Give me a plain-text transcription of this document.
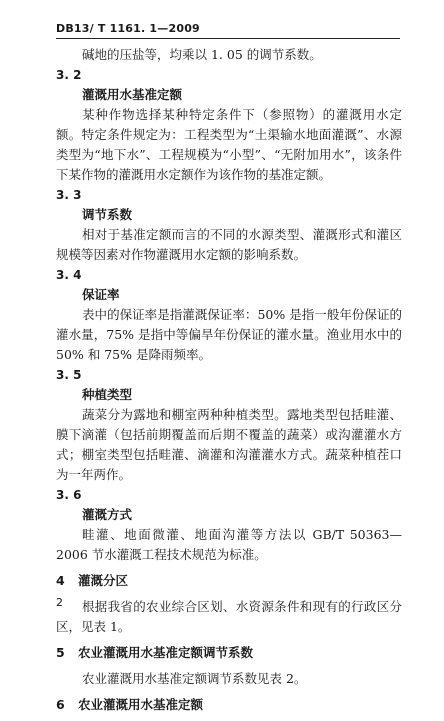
DB13/ T 1161. 1—2009

碱地的压盐等，均乘以 1. 05 的调节系数。

3. 2

灌溉用水基准定额

某种作物选择某种特定条件下（参照物）的灌溉用水定额。特定条件规定为：工程类型为“土渠输水地面灌溉”、水源类型为“地下水”、工程规模为“小型”、“无附加用水”，该条件下某作物的灌溉用水定额作为该作物的基准定额。

3. 3

调节系数

相对于基准定额而言的不同的水源类型、灌溉形式和灌区规模等因素对作物灌溉用水定额的影响系数。

3. 4

保证率

表中的保证率是指灌溉保证率：50% 是指一般年份保证的灌水量，75% 是指中等偏旱年份保证的灌水量。渔业用水中的 50% 和 75% 是降雨频率。

3. 5

种植类型

蔬菜分为露地和棚室两种种植类型。露地类型包括畦灌、膜下滴灌（包括前期覆盖而后期不覆盖的蔬菜）或沟灌灌水方式；棚室类型包括畦灌、滴灌和沟灌灌水方式。蔬菜种植茬口为一年两作。

3. 6

灌溉方式

畦灌、地面微灌、地面沟灌等方法以 GB/T 50363—2006 节水灌溉工程技术规范为标准。

4	灌溉分区

根据我省的农业综合区划、水资源条件和现有的行政区分区，见表 1。

5	农业灌溉用水基准定额调节系数

农业灌溉用水基准定额调节系数见表 2。

6	农业灌溉用水基准定额
2
